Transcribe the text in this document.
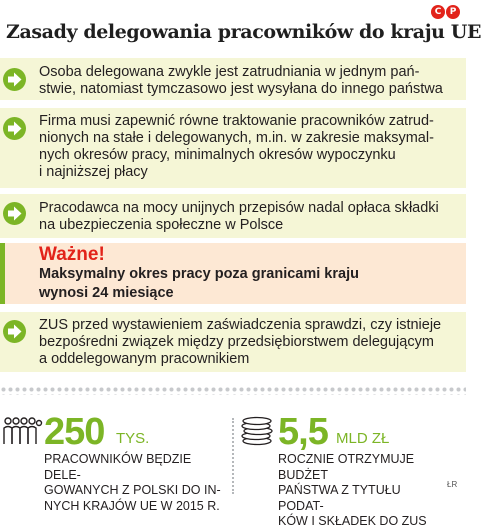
Zasady delegowania pracowników do kraju UE
C P
Osoba delegowana zwykle jest zatrudniania w jednym pań-
stwie, natomiast tymczasowo jest wysyłana do innego państwa
Firma musi zapewnić równe traktowanie pracowników zatrud-
nionych na stałe i delegowanych, m.in. w zakresie maksymal-
nych okresów pracy, minimalnych okresów wypoczynku
i najniższej płacy
Pracodawca na mocy unijnych przepisów nadal opłaca składki
na ubezpieczenia społeczne w Polsce
Ważne!
Maksymalny okres pracy poza granicami kraju
wynosi 24 miesiące
ZUS przed wystawieniem zaświadczenia sprawdzi, czy istnieje
bezpośredni związek między przedsiębiorstwem delegującym
a oddelegowanym pracownikiem
250 TYS.
PRACOWNIKÓW BĘDZIE DELE-
GOWANYCH Z POLSKI DO IN-
NYCH KRAJÓW UE W 2015 R.
5,5 MLD ZŁ
ROCZNIE OTRZYMUJE BUDŻET
PAŃSTWA Z TYTUŁU PODAT-
KÓW I SKŁADEK DO ZUS
ŁR
